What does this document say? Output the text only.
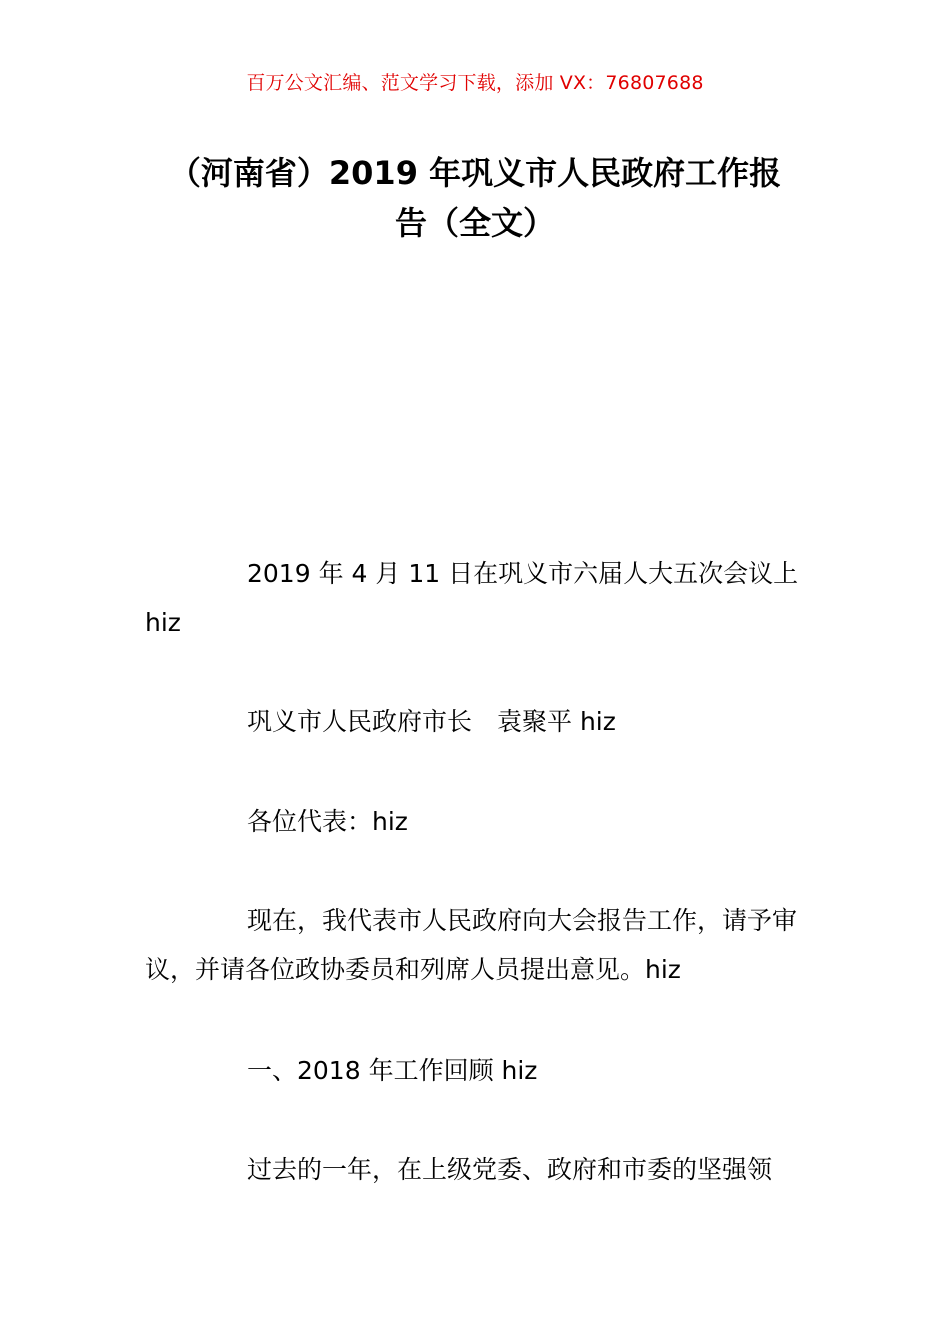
百万公文汇编、范文学习下载，添加 VX：76807688
（河南省）2019 年巩义市人民政府工作报
告（全文）

2019 年 4 月 11 日在巩义市六届人大五次会议上 hiz

巩义市人民政府市长　袁聚平 hiz

各位代表：hiz

现在，我代表市人民政府向大会报告工作，请予审议，并请各位政协委员和列席人员提出意见。hiz

一、2018 年工作回顾 hiz

过去的一年，在上级党委、政府和市委的坚强领
